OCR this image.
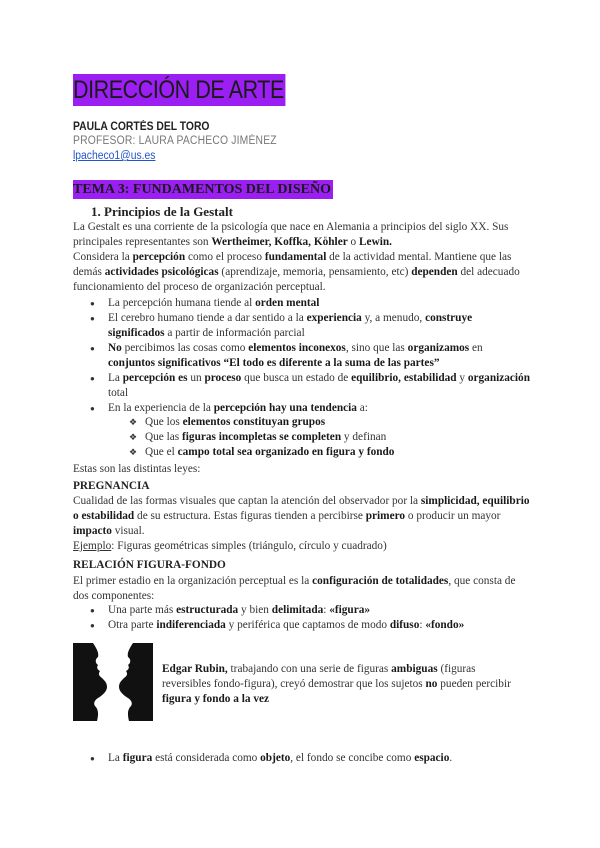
DIRECCIÓN DE ARTE
PAULA CORTÉS DEL TORO
PROFESOR: LAURA PACHECO JIMÉNEZ
lpacheco1@us.es
TEMA 3: FUNDAMENTOS DEL DISEÑO
1. Principios de la Gestalt
La Gestalt es una corriente de la psicología que nace en Alemania a principios del siglo XX. Sus principales representantes son Wertheimer, Koffka, Ko̎hler o Lewin.
Considera la percepción como el proceso fundamental de la actividad mental. Mantiene que las demás actividades psicológicas (aprendizaje, memoria, pensamiento, etc) dependen del adecuado funcionamiento del proceso de organización perceptual.
● La percepción humana tiende al orden mental
● El cerebro humano tiende a dar sentido a la experiencia y, a menudo, construye significados a partir de información parcial
● No percibimos las cosas como elementos inconexos, sino que las organizamos en conjuntos significativos “El todo es diferente a la suma de las partes”
● La percepción es un proceso que busca un estado de equilibrio, estabilidad y organización total
● En la experiencia de la percepción hay una tendencia a:
❖ Que los elementos constituyan grupos
❖ Que las figuras incompletas se completen y definan
❖ Que el campo total sea organizado en figura y fondo
Estas son las distintas leyes:
PREGNANCIA
Cualidad de las formas visuales que captan la atención del observador por la simplicidad, equilibrio o estabilidad de su estructura. Estas figuras tienden a percibirse primero o producir un mayor impacto visual.
Ejemplo: Figuras geométricas simples (triángulo, círculo y cuadrado)
RELACIÓN FIGURA-FONDO
El primer estadio en la organización perceptual es la configuración de totalidades, que consta de dos componentes:
● Una parte más estructurada y bien delimitada: «figura»
● Otra parte indiferenciada y periférica que captamos de modo difuso: «fondo»
Edgar Rubin, trabajando con una serie de figuras ambiguas (figuras reversibles fondo-figura), creyó demostrar que los sujetos no pueden percibir figura y fondo a la vez
● La figura está considerada como objeto, el fondo se concibe como espacio.
